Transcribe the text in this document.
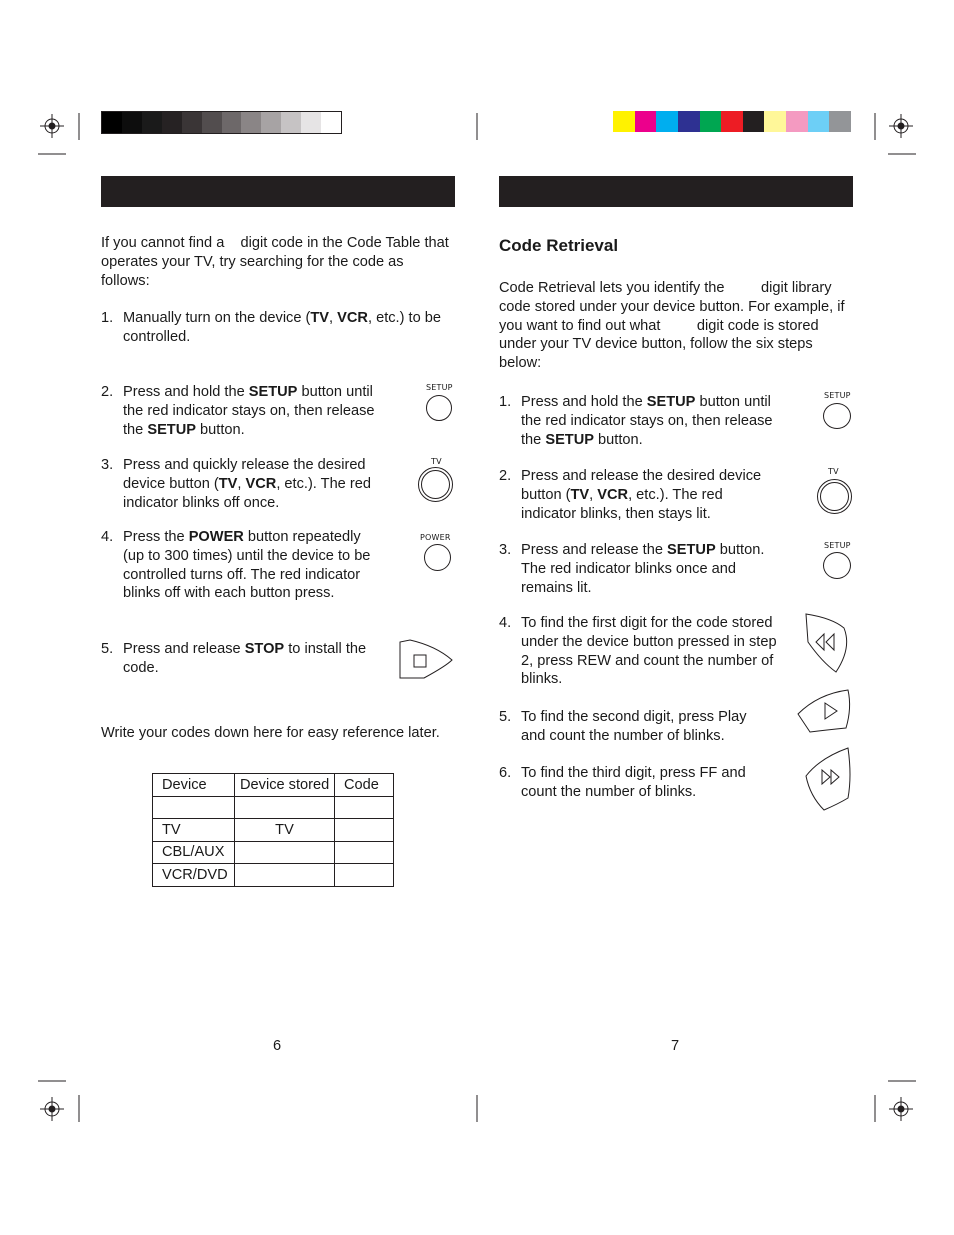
If you cannot find a    digit code in the Code Table that operates your TV, try searching for the code as follows:
1. Manually turn on the device (TV, VCR, etc.) to be controlled.
2. Press and hold the SETUP button until the red indicator stays on, then release the SETUP button.
3. Press and quickly release the desired device button (TV, VCR, etc.). The red indicator blinks off once.
4. Press the POWER button repeatedly (up to 300 times) until the device to be controlled turns off. The red indicator blinks off with each button press.
5. Press and release STOP to install the code.
SETUP
TV
POWER
Write your codes down here for easy reference later.
Device	Device stored	Code

TV	TV	
CBL/AUX		
VCR/DVD		
6
Code Retrieval
Code Retrieval lets you identify the         digit library code stored under your device button. For example, if you want to find out what         digit code is stored under your TV device button, follow the six steps below:
1. Press and hold the SETUP button until the red indicator stays on, then release the SETUP button.
2. Press and release the desired device button (TV, VCR, etc.). The red indicator blinks, then stays lit.
3. Press and release the SETUP button. The red indicator blinks once and remains lit.
4. To find the first digit for the code stored under the device button pressed in step 2, press REW and count the number of blinks.
5. To find the second digit, press Play and count the number of blinks.
6. To find the third digit, press FF and count the number of blinks.
SETUP
TV
SETUP
7
